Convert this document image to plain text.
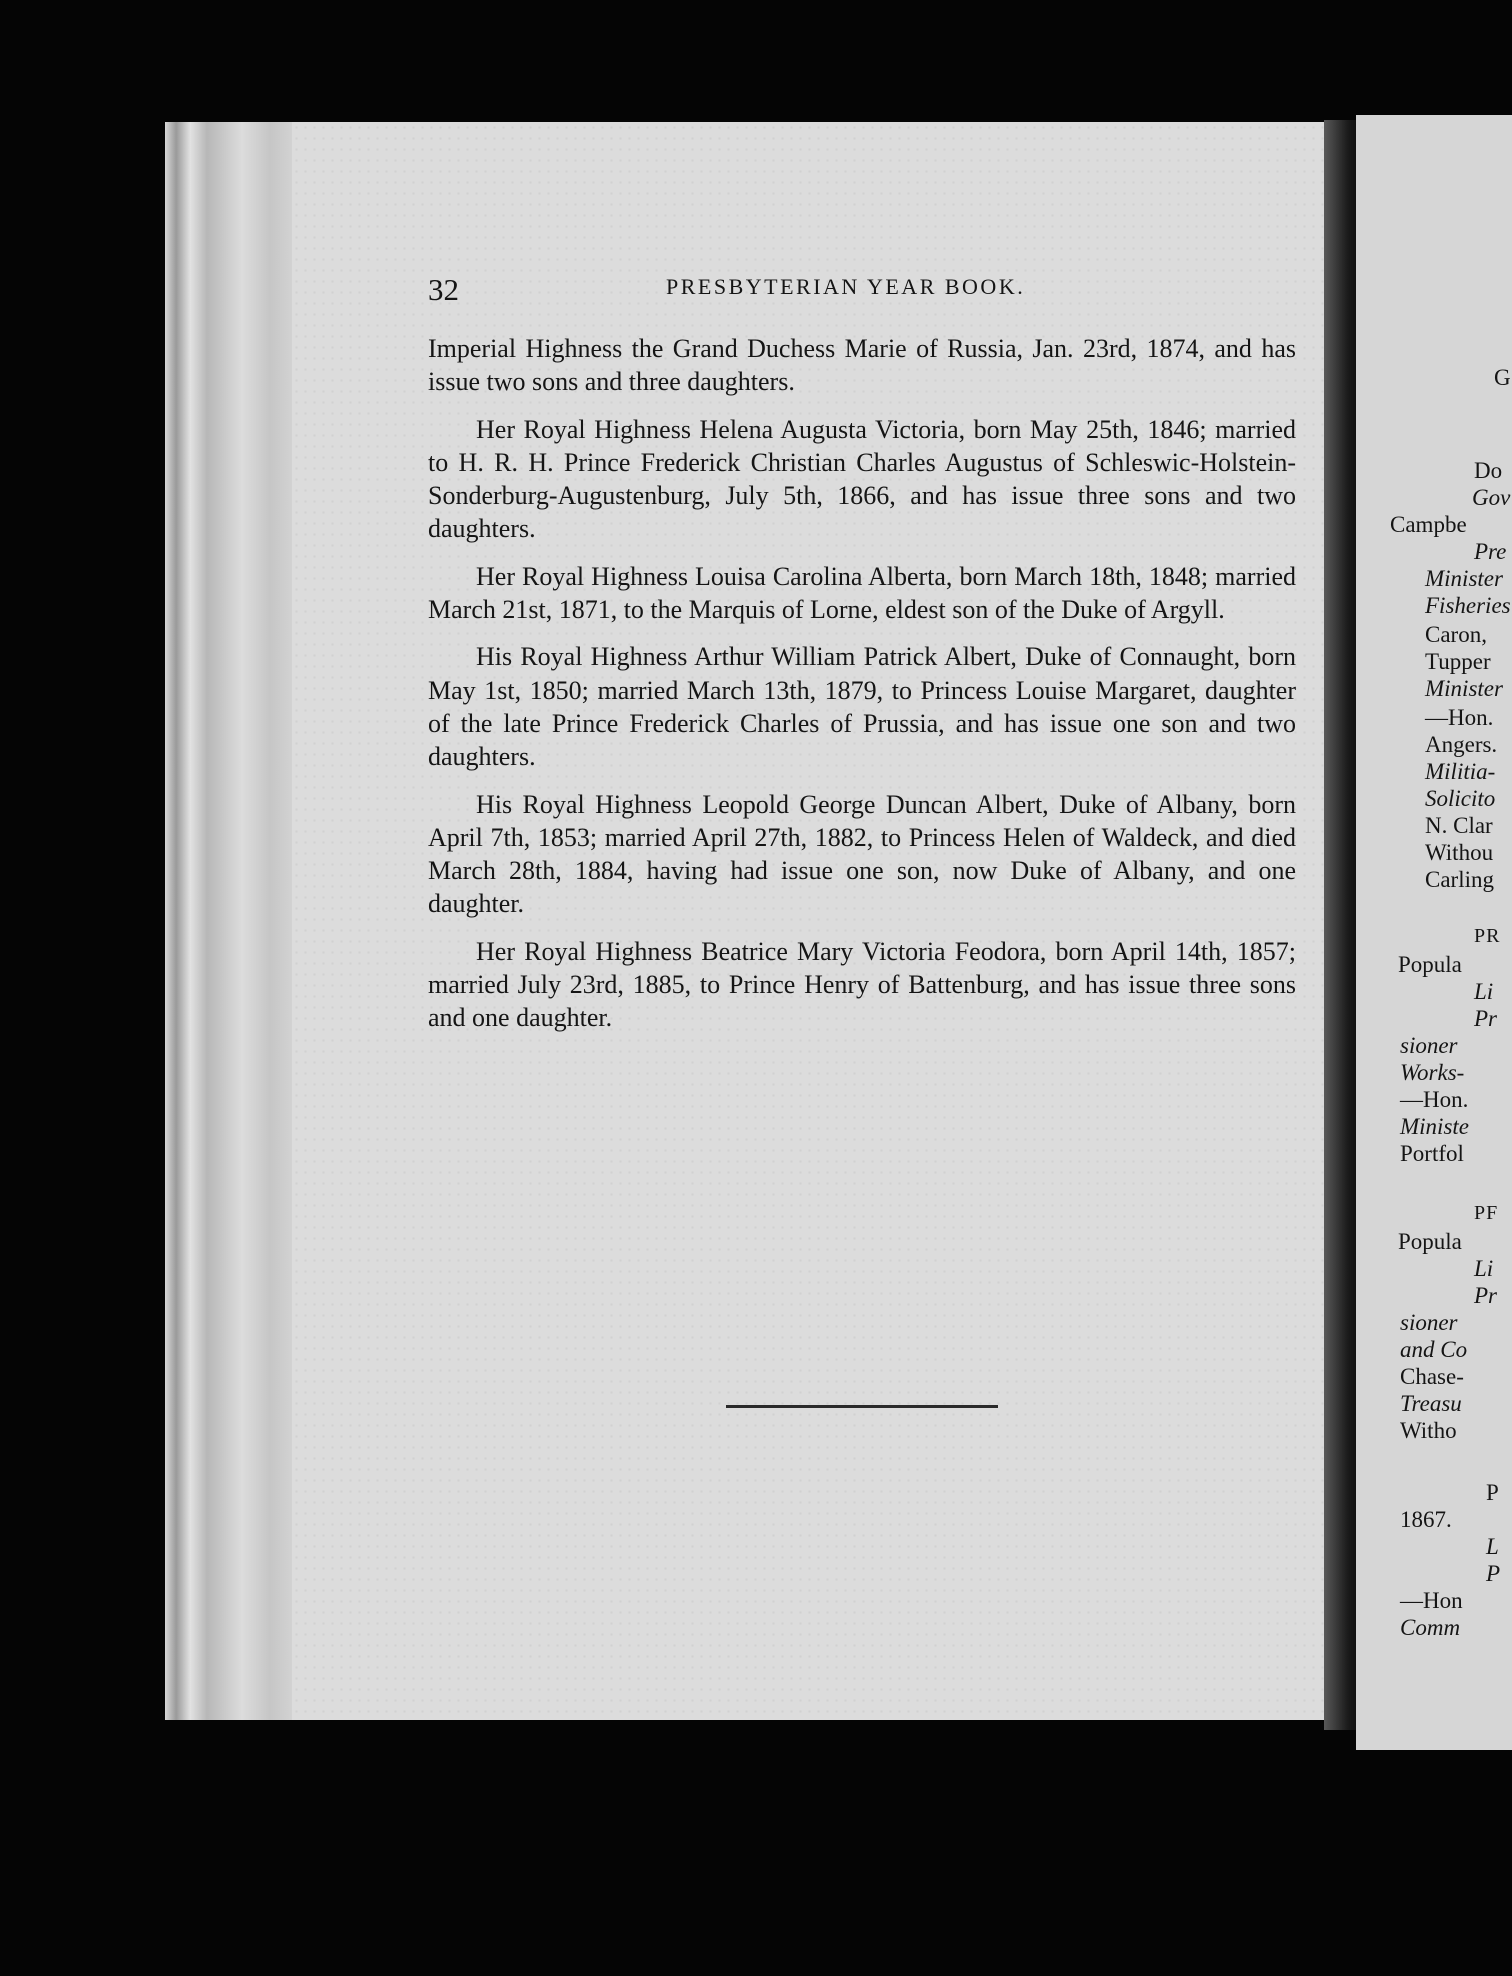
32	PRESBYTERIAN YEAR BOOK.

Imperial Highness the Grand Duchess Marie of Russia, Jan. 23rd, 1874, and has issue two sons and three daughters.

Her Royal Highness Helena Augusta Victoria, born May 25th, 1846; married to H. R. H. Prince Frederick Christian Charles Augustus of Schleswic-Holstein-Sonderburg-Augustenburg, July 5th, 1866, and has issue three sons and two daughters.

Her Royal Highness Louisa Carolina Alberta, born March 18th, 1848; married March 21st, 1871, to the Marquis of Lorne, eldest son of the Duke of Argyll.

His Royal Highness Arthur William Patrick Albert, Duke of Connaught, born May 1st, 1850; married March 13th, 1879, to Princess Louise Margaret, daughter of the late Prince Frederick Charles of Prussia, and has issue one son and two daughters.

His Royal Highness Leopold George Duncan Albert, Duke of Albany, born April 7th, 1853; married April 27th, 1882, to Princess Helen of Waldeck, and died March 28th, 1884, having had issue one son, now Duke of Albany, and one daughter.

Her Royal Highness Beatrice Mary Victoria Feodora, born April 14th, 1857; married July 23rd, 1885, to Prince Henry of Battenburg, and has issue three sons and one daughter.

G
Do
Gov
Campbe
Pre
Minister
Fisheries
Caron,
Tupper
Minister
—Hon.
Angers.
Militia-
Solicito
N. Clar
Withou
Carling
PR
Popula
Li
Pr
sioner
Works-
—Hon.
Ministe
Portfol
PF
Popula
Li
Pr
sioner
and Co
Chase-
Treasu
Witho
P
1867.
L
P
—Hon
Comm
